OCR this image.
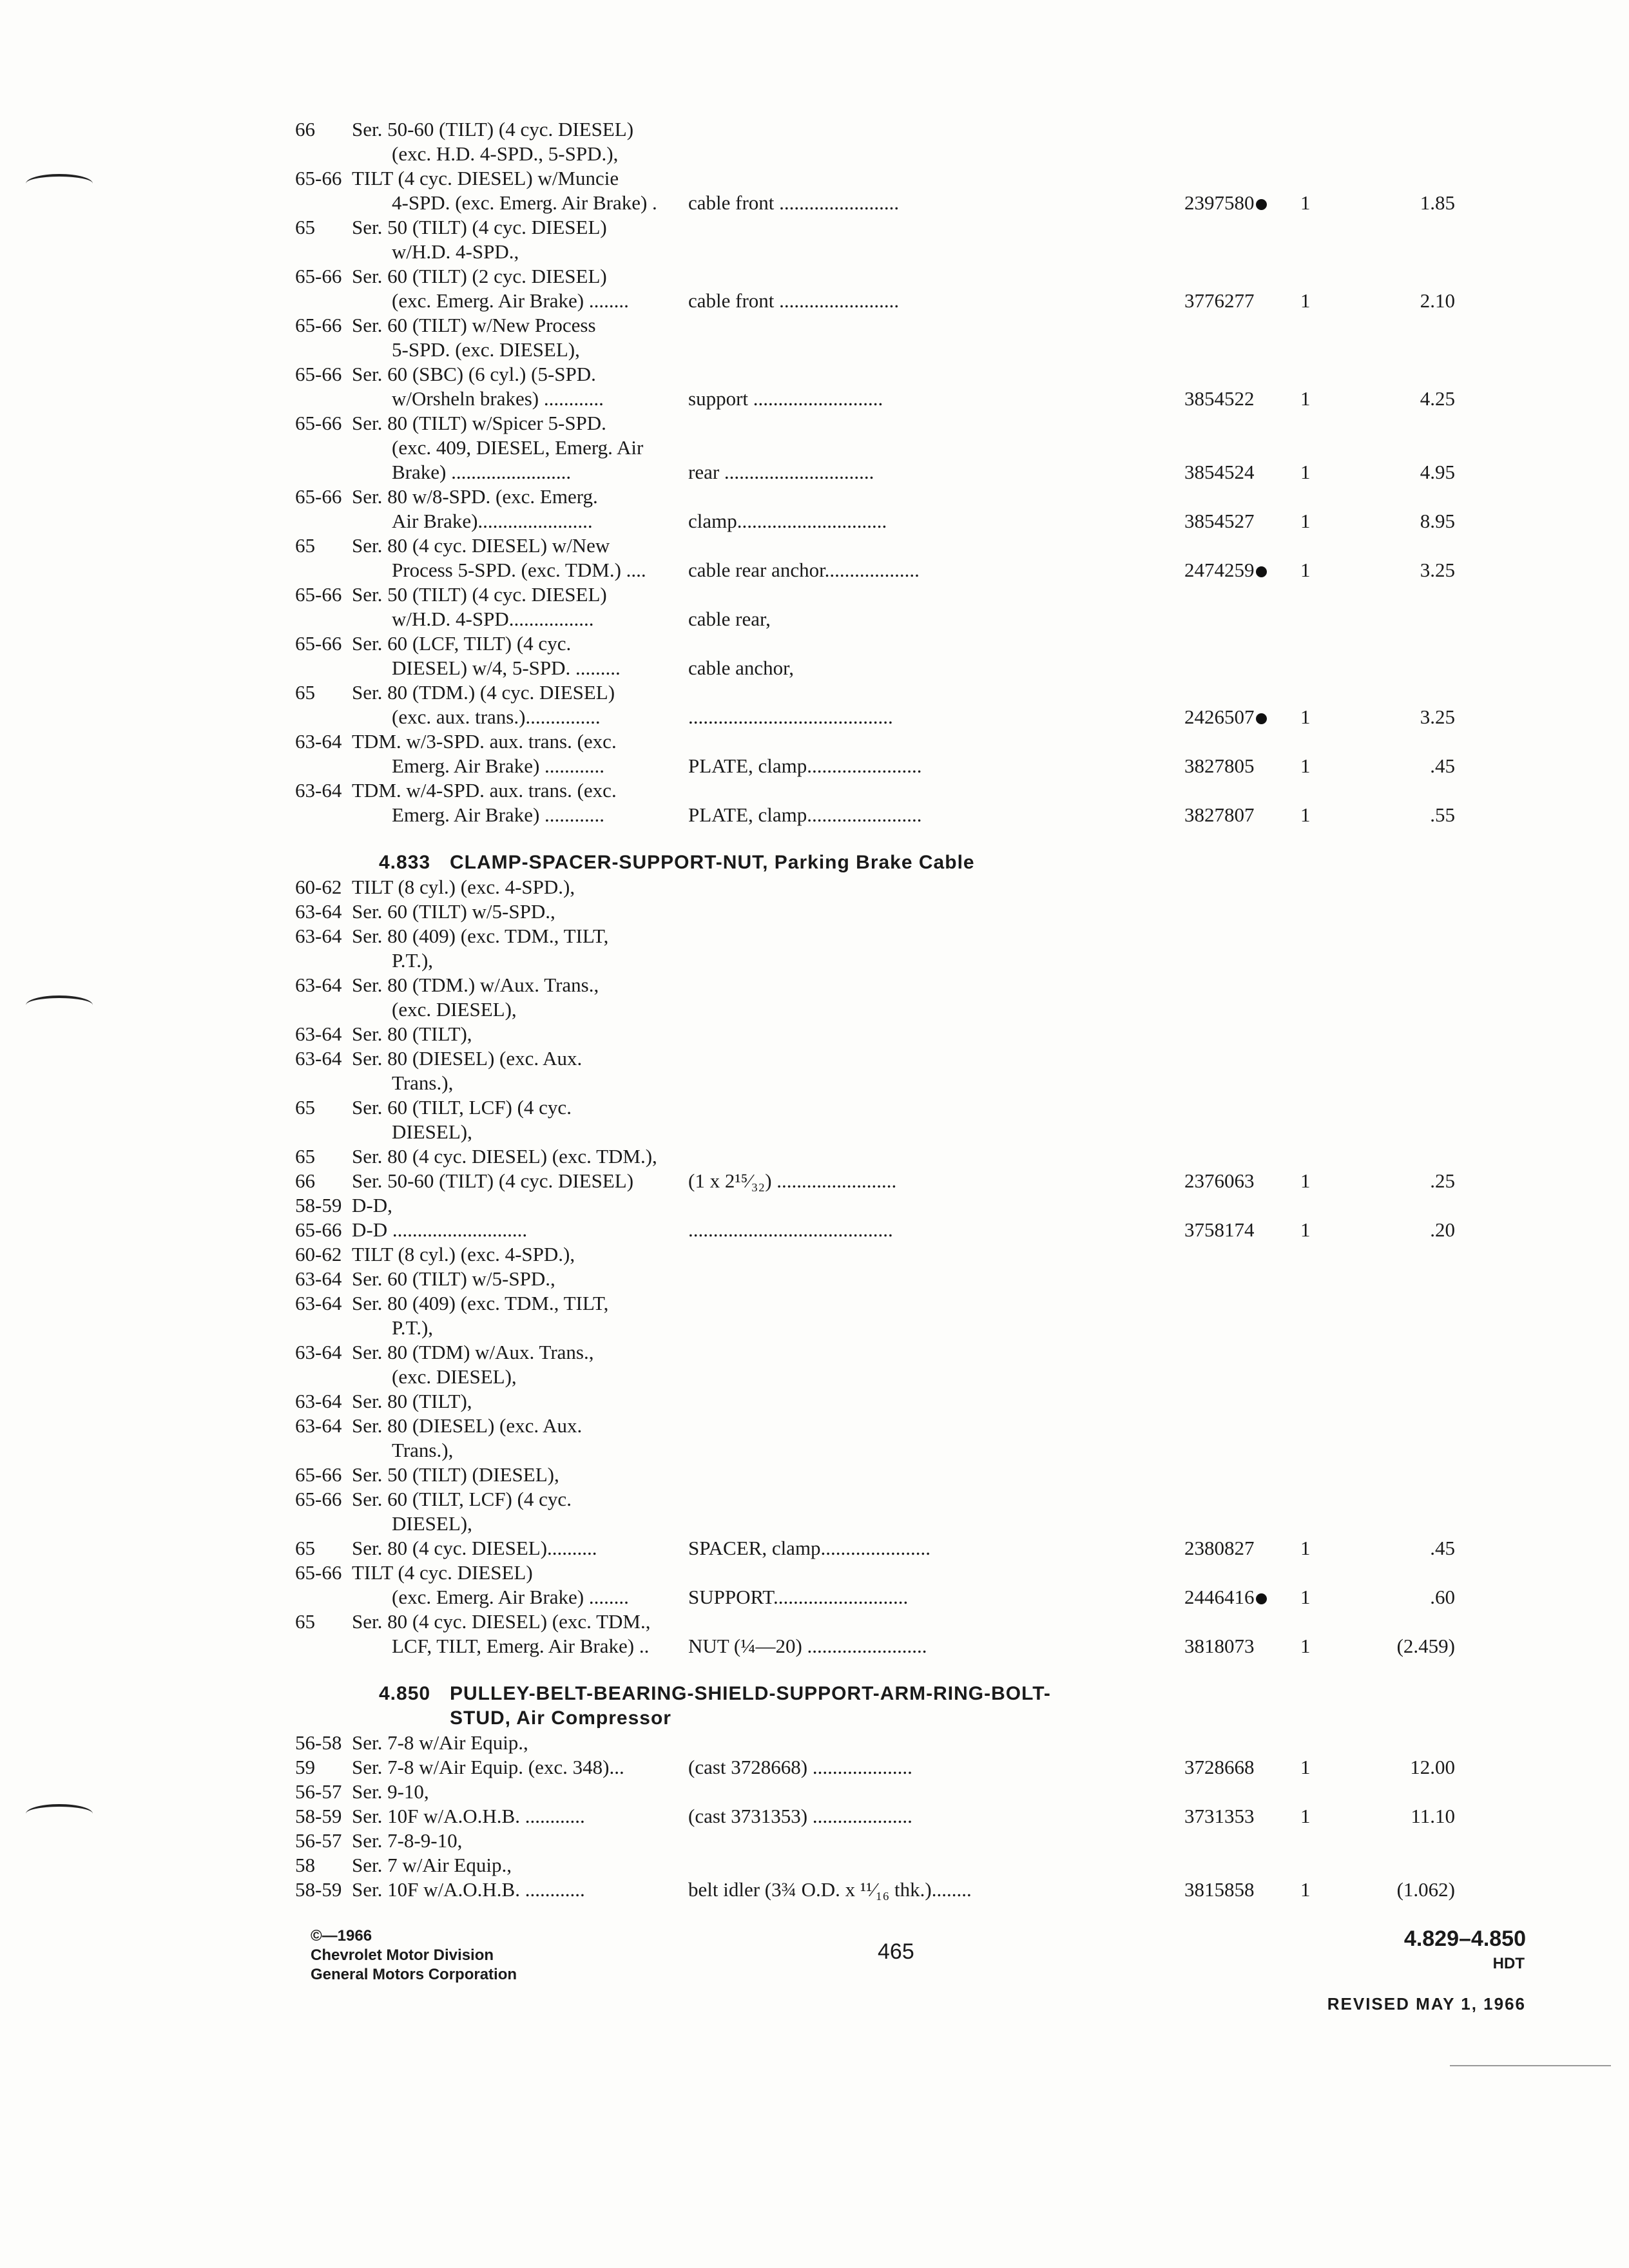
66 Ser. 50-60 (TILT) (4 cyc. DIESEL)
(exc. H.D. 4-SPD., 5-SPD.),
65-66 TILT (4 cyc. DIESEL) w/Muncie
4-SPD. (exc. Emerg. Air Brake) . cable front ........................	2397580	1	1.85
65 Ser. 50 (TILT) (4 cyc. DIESEL)
w/H.D. 4-SPD.,
65-66 Ser. 60 (TILT) (2 cyc. DIESEL)
(exc. Emerg. Air Brake) ........	cable front ........................	3776277 1	2.10
65-66 Ser. 60 (TILT) w/New Process
5-SPD. (exc. DIESEL),
65-66 Ser. 60 (SBC) (6 cyl.) (5-SPD.
w/Orsheln brakes) ............	support ..........................	3854522 1	4.25
65-66 Ser. 80 (TILT) w/Spicer 5-SPD.
(exc. 409, DIESEL, Emerg. Air
Brake) ........................	rear ..............................	3854524 1	4.95
65-66 Ser. 80 w/8-SPD. (exc. Emerg.
Air Brake).......................	clamp..............................	3854527 1	8.95
65 Ser. 80 (4 cyc. DIESEL) w/New
Process 5-SPD. (exc. TDM.) .... cable rear anchor...................	2474259	1	3.25
65-66 Ser. 50 (TILT) (4 cyc. DIESEL)
w/H.D. 4-SPD.................	cable rear,
65-66 Ser. 60 (LCF, TILT) (4 cyc.
DIESEL) w/4, 5-SPD. .........	cable anchor,
65 Ser. 80 (TDM.) (4 cyc. DIESEL)
(exc. aux. trans.)...............	.........................................	2426507	1	3.25
63-64 TDM. w/3-SPD. aux. trans. (exc.
Emerg. Air Brake) ............	PLATE, clamp.......................	3827805 1	.45
63-64 TDM. w/4-SPD. aux. trans. (exc.
Emerg. Air Brake) ............	PLATE, clamp.......................	3827807 1	.55
4.833 CLAMP-SPACER-SUPPORT-NUT, Parking Brake Cable
60-62 TILT (8 cyl.) (exc. 4-SPD.),
63-64 Ser. 60 (TILT) w/5-SPD.,
63-64 Ser. 80 (409) (exc. TDM., TILT,
P.T.),
63-64 Ser. 80 (TDM.) w/Aux. Trans.,
(exc. DIESEL),
63-64 Ser. 80 (TILT),
63-64 Ser. 80 (DIESEL) (exc. Aux.
Trans.),
65 Ser. 60 (TILT, LCF) (4 cyc.
DIESEL),
65 Ser. 80 (4 cyc. DIESEL) (exc. TDM.),
66 Ser. 50-60 (TILT) (4 cyc. DIESEL)	(1 x 2¹⁵⁄₃₂) ........................	2376063 1	.25
58-59 D-D,
65-66 D-D ...........................	.........................................	3758174 1	.20
60-62 TILT (8 cyl.) (exc. 4-SPD.),
63-64 Ser. 60 (TILT) w/5-SPD.,
63-64 Ser. 80 (409) (exc. TDM., TILT,
P.T.),
63-64 Ser. 80 (TDM) w/Aux. Trans.,
(exc. DIESEL),
63-64 Ser. 80 (TILT),
63-64 Ser. 80 (DIESEL) (exc. Aux.
Trans.),
65-66 Ser. 50 (TILT) (DIESEL),
65-66 Ser. 60 (TILT, LCF) (4 cyc.
DIESEL),
65 Ser. 80 (4 cyc. DIESEL)..........	SPACER, clamp......................	2380827 1	.45
65-66 TILT (4 cyc. DIESEL)
(exc. Emerg. Air Brake) ........	SUPPORT...........................	2446416	1	.60
65 Ser. 80 (4 cyc. DIESEL) (exc. TDM.,
LCF, TILT, Emerg. Air Brake) .. NUT (¼—20) ........................	3818073 1	(2.459)
4.850 PULLEY-BELT-BEARING-SHIELD-SUPPORT-ARM-RING-BOLT-
STUD, Air Compressor
56-58 Ser. 7-8 w/Air Equip.,
59 Ser. 7-8 w/Air Equip. (exc. 348)...	(cast 3728668) ....................	3728668 1	12.00
56-57 Ser. 9-10,
58-59 Ser. 10F w/A.O.H.B. ............	(cast 3731353) ....................	3731353 1	11.10
56-57 Ser. 7-8-9-10,
58 Ser. 7 w/Air Equip.,
58-59 Ser. 10F w/A.O.H.B. ............	belt idler (3¾ O.D. x ¹¹⁄₁₆ thk.)........	3815858 1	(1.062)
©—1966
Chevrolet Motor Division
General Motors Corporation
465
4.829–4.850
HDT
REVISED MAY 1, 1966
